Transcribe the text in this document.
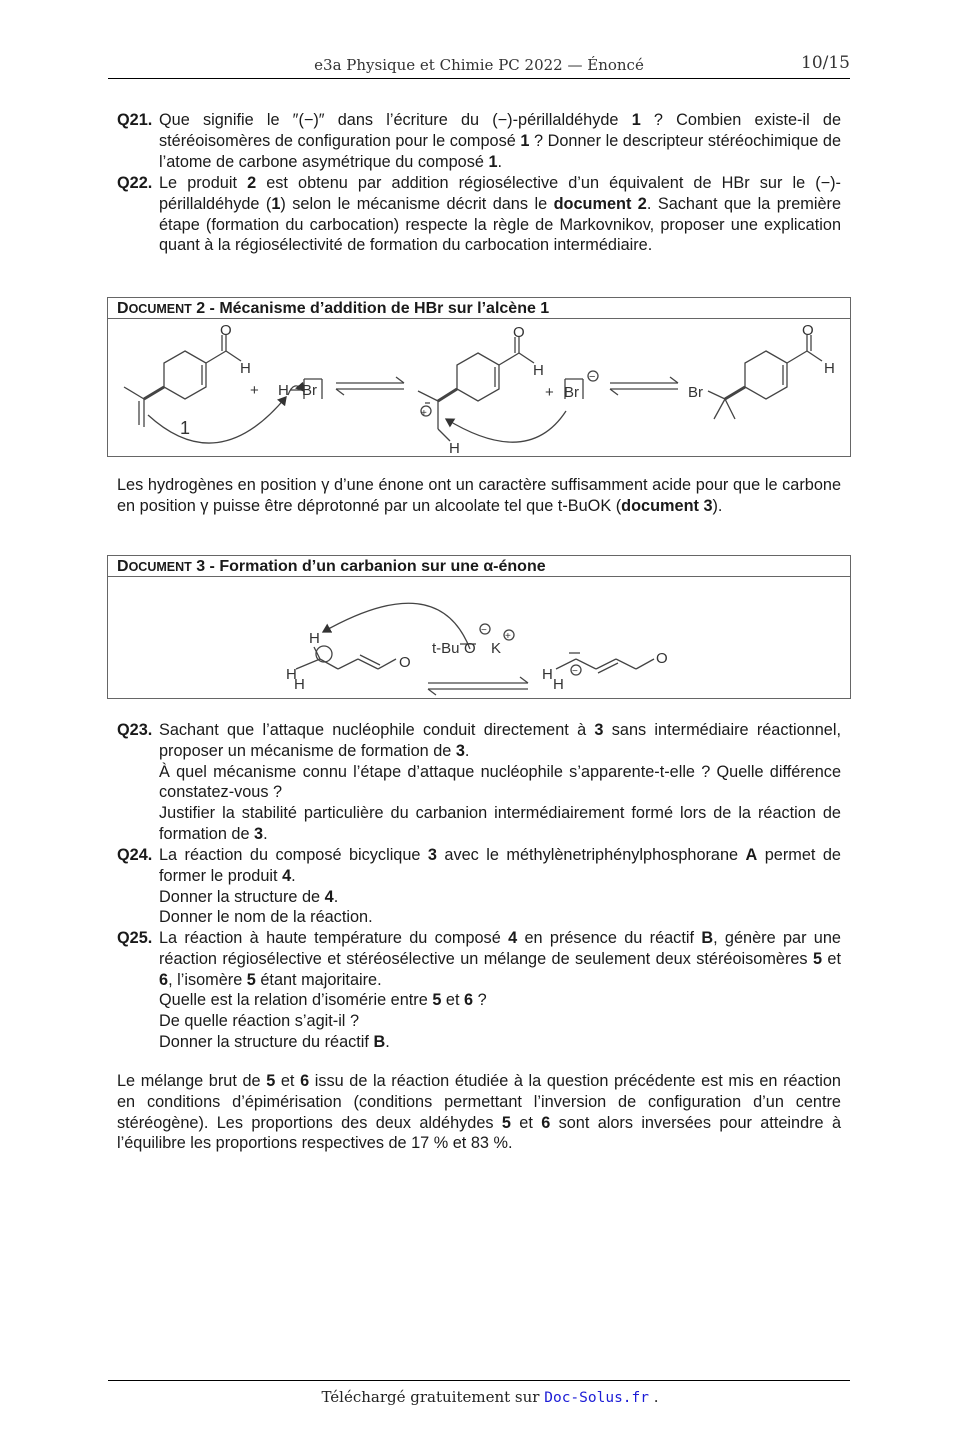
e3a Physique et Chimie PC 2022 — Énoncé	10/15
Q21. Que signifie le ″(−)″ dans l’écriture du (−)-périllaldéhyde 1 ? Combien existe-il de stéréoisomères de configuration pour le composé 1 ? Donner le descripteur stéréochimique de l’atome de carbone asymétrique du composé 1.
Q22. Le produit 2 est obtenu par addition régiosélective d’un équivalent de HBr sur le (−)-périllaldéhyde (1) selon le mécanisme décrit dans le document 2. Sachant que la première étape (formation du carbocation) respecte la règle de Markovnikov, proposer une explication quant à la régiosélectivité de formation du carbocation intermédiaire.
DOCUMENT 2 - Mécanisme d’addition de HBr sur l’alcène 1
O
H
+ H Br
1
O
H
+
H
+ Br
−
O
H
Br

Les hydrogènes en position γ d’une énone ont un caractère suffisamment acide pour que le carbone en position γ puisse être déprotonné par un alcoolate tel que t-BuOK (document 3).

DOCUMENT 3 - Formation d’un carbanion sur une α-énone
H
H
H
O
t-Bu O K
−
+
H
H
−
O
Q23. Sachant que l’attaque nucléophile conduit directement à 3 sans intermédiaire réactionnel, proposer un mécanisme de formation de 3.

À quel mécanisme connu l’étape d’attaque nucléophile s’apparente-t-elle ? Quelle différence constatez-vous ?

Justifier la stabilité particulière du carbanion intermédiairement formé lors de la réaction de formation de 3.

Q24. La réaction du composé bicyclique 3 avec le méthylènetriphénylphosphorane A permet de former le produit 4.

Donner la structure de 4.

Donner le nom de la réaction.

Q25. La réaction à haute température du composé 4 en présence du réactif B, génère par une réaction régiosélective et stéréosélective un mélange de seulement deux stéréoisomères 5 et 6, l’isomère 5 étant majoritaire.

Quelle est la relation d’isomérie entre 5 et 6 ?

De quelle réaction s’agit-il ?

Donner la structure du réactif B.

Le mélange brut de 5 et 6 issu de la réaction étudiée à la question précédente est mis en réaction en conditions d’épimérisation (conditions permettant l’inversion de configuration d’un centre stéréogène). Les proportions des deux aldéhydes 5 et 6 sont alors inversées pour atteindre à l’équilibre les proportions respectives de 17 % et 83 %.

Téléchargé gratuitement sur Doc-Solus.fr .
